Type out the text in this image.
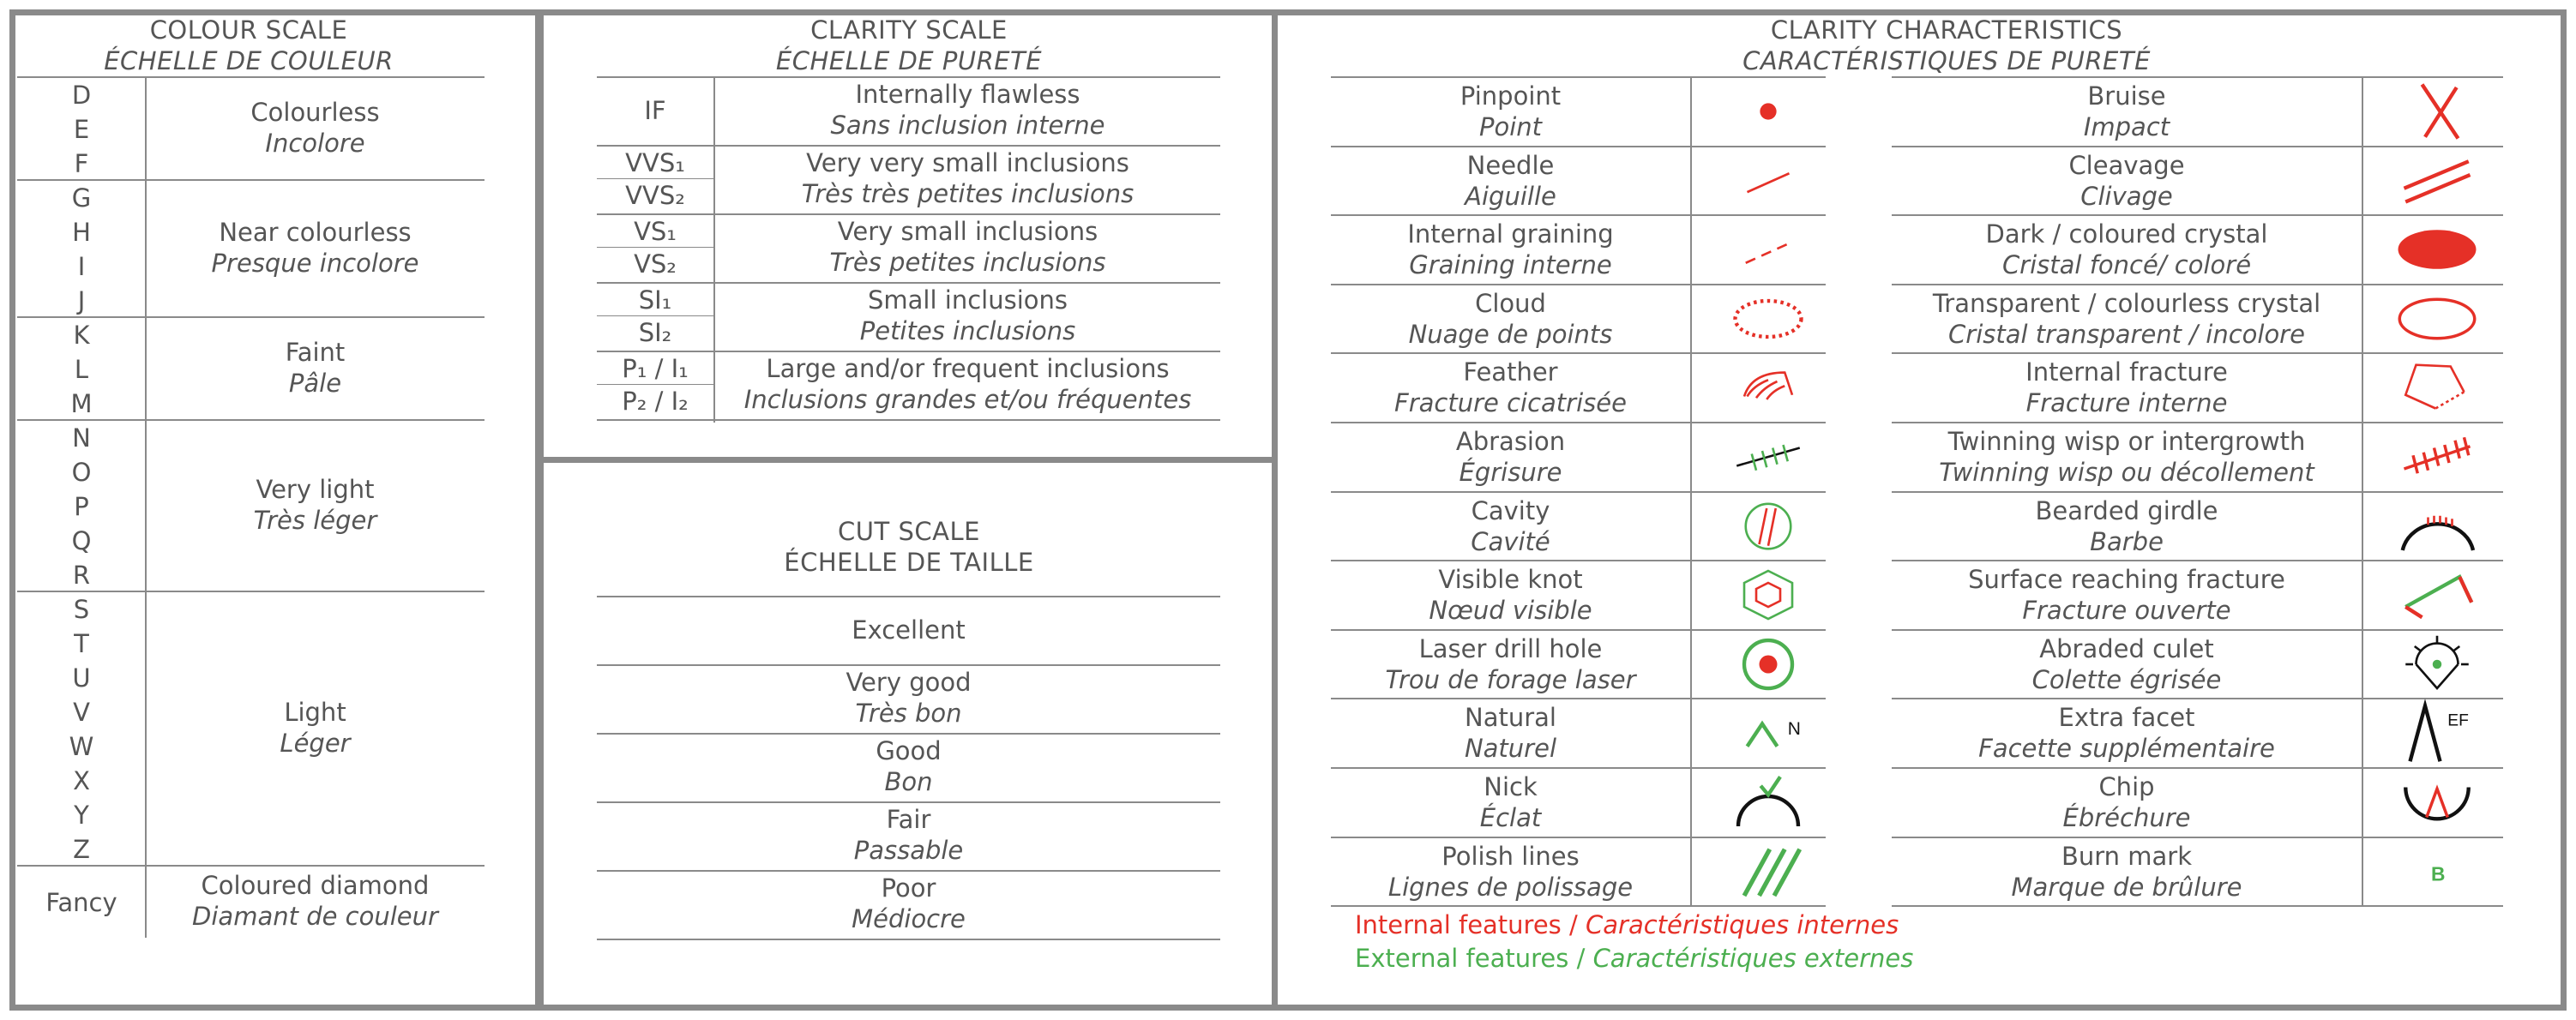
COLOUR SCALE
ÉCHELLE DE COULEUR
CLARITY SCALE
ÉCHELLE DE PURETÉ
CUT SCALE
ÉCHELLE DE TAILLE
CLARITY CHARACTERISTICS
CARACTÉRISTIQUES DE PURETÉ
Internal features / Caractéristiques internes
External features / Caractéristiques externes
D
E
F
G
H
I
J
K
L
M
N
O
P
Q
R
S
T
U
V
W
X
Y
Z
Colourless
Incolore
Near colourless
Presque incolore
Faint
Pâle
Very light
Très léger
Light
Léger
Fancy
Coloured diamond
Diamant de couleur
IF
Internally flawless
Sans inclusion interne
VVS₁
VVS₂
Very very small inclusions
Très très petites inclusions
VS₁
VS₂
Very small inclusions
Très petites inclusions
SI₁
SI₂
Small inclusions
Petites inclusions
P₁ / I₁
P₂ / I₂
Large and/or frequent inclusions
Inclusions grandes et/ou fréquentes
Excellent
Very good
Très bon
Good
Bon
Fair
Passable
Poor
Médiocre
Pinpoint
Point
Needle
Aiguille
Internal graining
Graining interne
Cloud
Nuage de points
Feather
Fracture cicatrisée
Abrasion
Égrisure
Cavity
Cavité
Visible knot
Nœud visible
Laser drill hole
Trou de forage laser
Natural
Naturel
N
Nick
Éclat
Polish lines
Lignes de polissage
Bruise
Impact
Cleavage
Clivage
Dark / coloured crystal
Cristal foncé/ coloré
Transparent / colourless crystal
Cristal transparent / incolore
Internal fracture
Fracture interne
Twinning wisp or intergrowth
Twinning wisp ou décollement
Bearded girdle
Barbe
Surface reaching fracture
Fracture ouverte
Abraded culet
Colette égrisée
Extra facet
Facette supplémentaire
EF
Chip
Ébréchure
Burn mark
Marque de brûlure	B
